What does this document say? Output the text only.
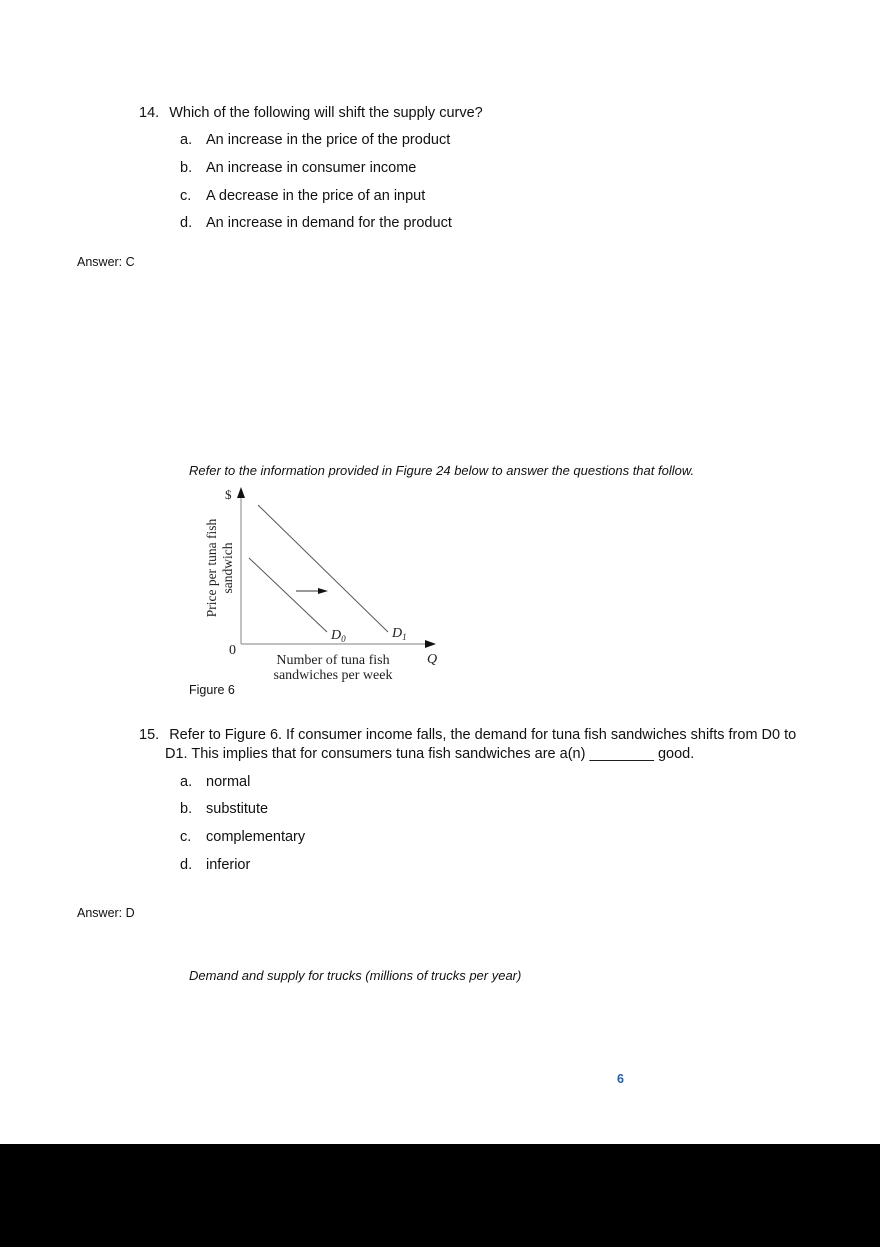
14. Which of the following will shift the supply curve?
a. An increase in the price of the product
b. An increase in consumer income
c. A decrease in the price of an input
d. An increase in demand for the product
Answer: C
Refer to the information provided in Figure 24 below to answer the questions that follow.
$
0
Q
Price per tuna fish sandwich
Number of tuna fish
sandwiches per week
$D_0$	$D_1$
Figure 6
15. Refer to Figure 6. If consumer income falls, the demand for tuna fish sandwiches shifts from D0 to
D1. This implies that for consumers tuna fish sandwiches are a(n) ________ good.
a. normal
b. substitute
c. complementary
d. inferior
Answer: D
Demand and supply for trucks (millions of trucks per year)
6
